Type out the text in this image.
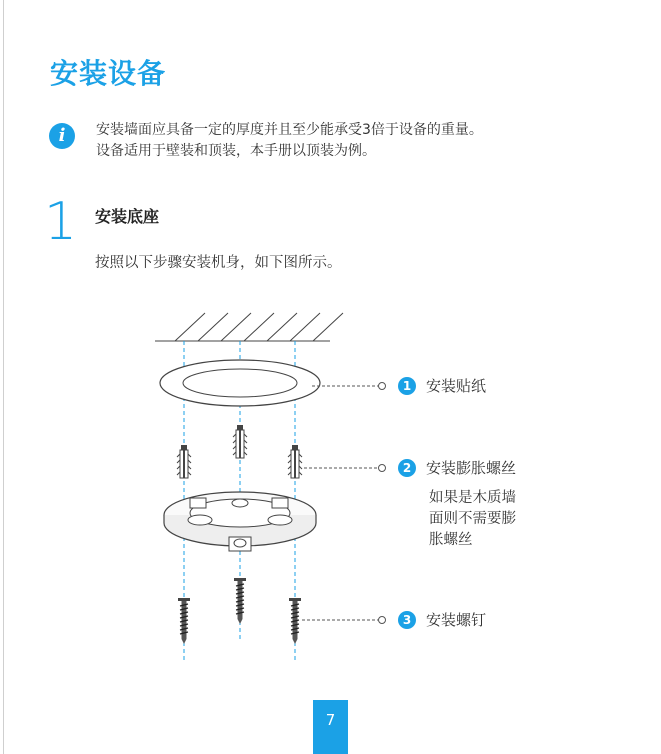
安装设备
i	安装墙面应具备一定的厚度并且至少能承受3倍于设备的重量。
设备适用于壁装和顶装，本手册以顶装为例。
1 安装底座
按照以下步骤安装机身，如下图所示。
1 安装贴纸
2 安装膨胀螺丝
如果是木质墙
面则不需要膨
胀螺丝
3 安装螺钉
7
